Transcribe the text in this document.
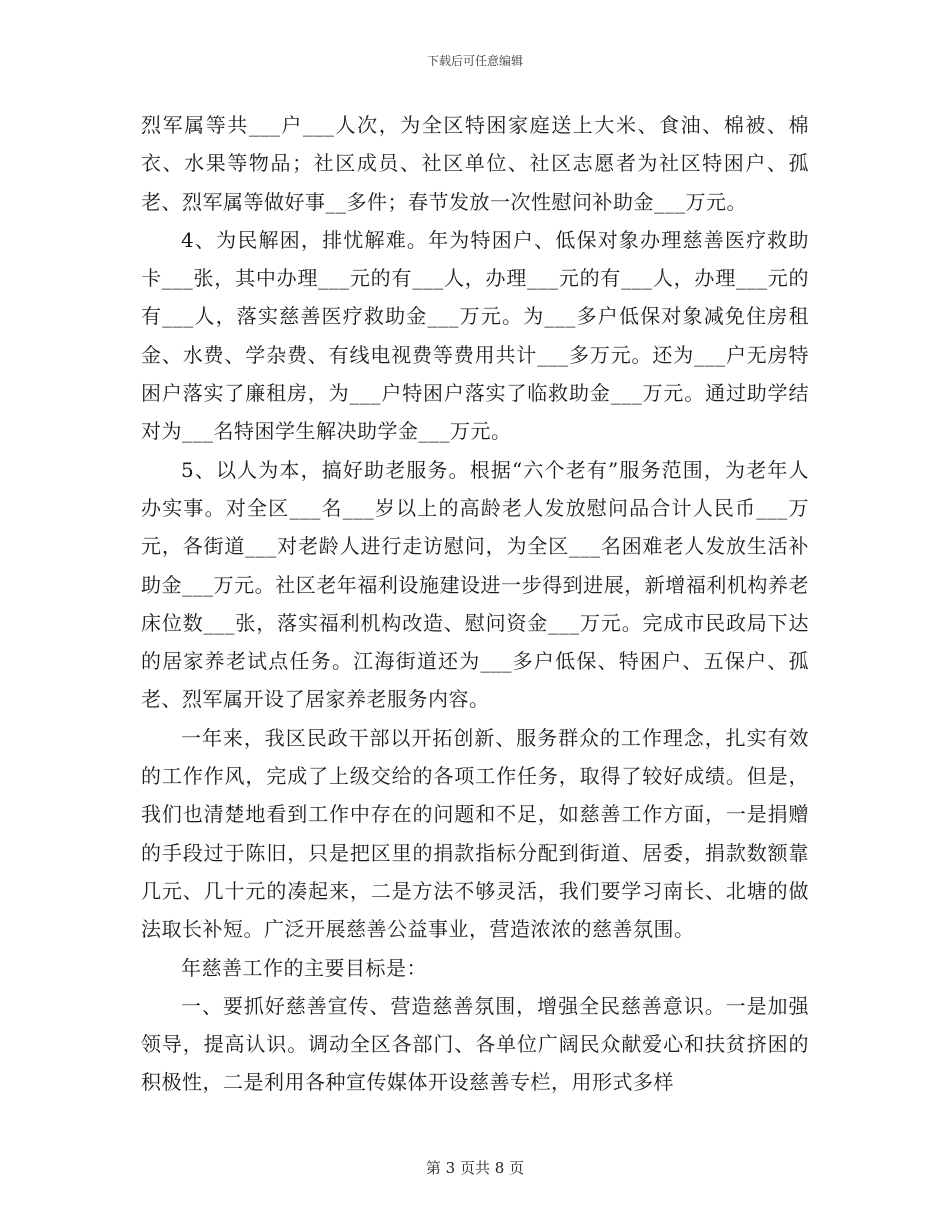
下载后可任意编辑

烈军属等共___户___人次，为全区特困家庭送上大米、食油、棉被、棉衣、水果等物品；社区成员、社区单位、社区志愿者为社区特困户、孤老、烈军属等做好事__多件；春节发放一次性慰问补助金___万元。

4、为民解困，排忧解难。年为特困户、低保对象办理慈善医疗救助卡___张，其中办理___元的有___人，办理___元的有___人，办理___元的有___人，落实慈善医疗救助金___万元。为___多户低保对象减免住房租金、水费、学杂费、有线电视费等费用共计___多万元。还为___户无房特困户落实了廉租房，为___户特困户落实了临救助金___万元。通过助学结对为___名特困学生解决助学金___万元。

5、以人为本，搞好助老服务。根据“六个老有”服务范围，为老年人办实事。对全区___名___岁以上的高龄老人发放慰问品合计人民币___万元，各街道___对老龄人进行走访慰问，为全区___名困难老人发放生活补助金___万元。社区老年福利设施建设进一步得到进展，新增福利机构养老床位数___张，落实福利机构改造、慰问资金___万元。完成市民政局下达的居家养老试点任务。江海街道还为___多户低保、特困户、五保户、孤老、烈军属开设了居家养老服务内容。

一年来，我区民政干部以开拓创新、服务群众的工作理念，扎实有效的工作作风，完成了上级交给的各项工作任务，取得了较好成绩。但是，我们也清楚地看到工作中存在的问题和不足，如慈善工作方面，一是捐赠的手段过于陈旧，只是把区里的捐款指标分配到街道、居委，捐款数额靠几元、几十元的凑起来，二是方法不够灵活，我们要学习南长、北塘的做法取长补短。广泛开展慈善公益事业，营造浓浓的慈善氛围。

年慈善工作的主要目标是：

一、要抓好慈善宣传、营造慈善氛围，增强全民慈善意识。一是加强领导，提高认识。调动全区各部门、各单位广阔民众献爱心和扶贫挤困的积极性，二是利用各种宣传媒体开设慈善专栏，用形式多样

第 3 页共 8 页
